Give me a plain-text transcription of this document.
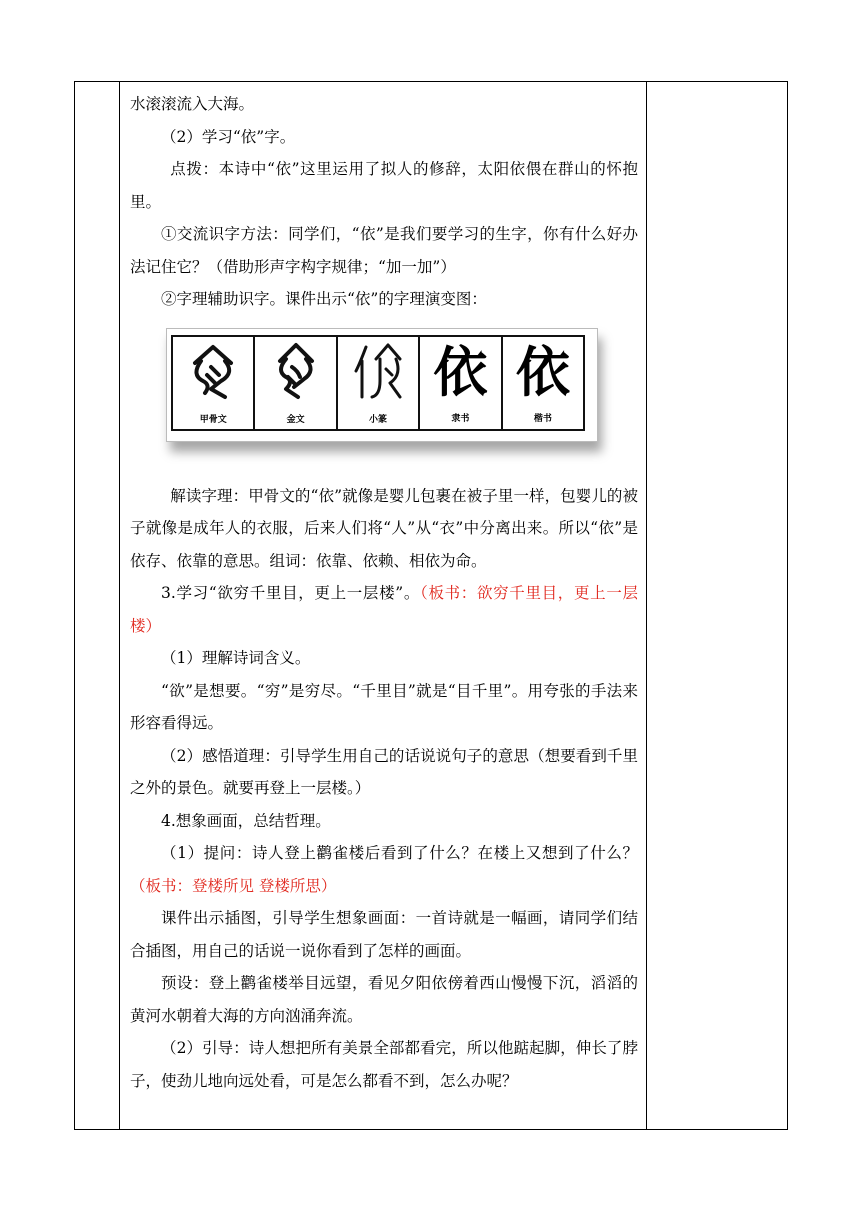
水滚滚流入大海。

（2）学习“依”字。

点拨：本诗中“依”这里运用了拟人的修辞，太阳依偎在群山的怀抱里。

①交流识字方法：同学们，“依”是我们要学习的生字，你有什么好办法记住它？（借助形声字构字规律；“加一加”）

②字理辅助识字。课件出示“依”的字理演变图：

甲骨文	金文	小篆
依
隶书
依
楷书

解读字理：甲骨文的“依”就像是婴儿包裹在被子里一样，包婴儿的被子就像是成年人的衣服，后来人们将“人”从“衣”中分离出来。所以“依”是依存、依靠的意思。组词：依靠、依赖、相依为命。

3.学习“欲穷千里目，更上一层楼”。（板书：欲穷千里目，更上一层楼）

（1）理解诗词含义。

“欲”是想要。“穷”是穷尽。“千里目”就是“目千里”。用夸张的手法来形容看得远。

（2）感悟道理：引导学生用自己的话说说句子的意思（想要看到千里之外的景色。就要再登上一层楼。）

4.想象画面，总结哲理。

（1）提问：诗人登上鹳雀楼后看到了什么？在楼上又想到了什么？（板书：登楼所见 登楼所思）

课件出示插图，引导学生想象画面：一首诗就是一幅画，请同学们结合插图，用自己的话说一说你看到了怎样的画面。

预设：登上鹳雀楼举目远望，看见夕阳依傍着西山慢慢下沉，滔滔的黄河水朝着大海的方向汹涌奔流。

（2）引导：诗人想把所有美景全部都看完，所以他踮起脚，伸长了脖子，使劲儿地向远处看，可是怎么都看不到，怎么办呢？
